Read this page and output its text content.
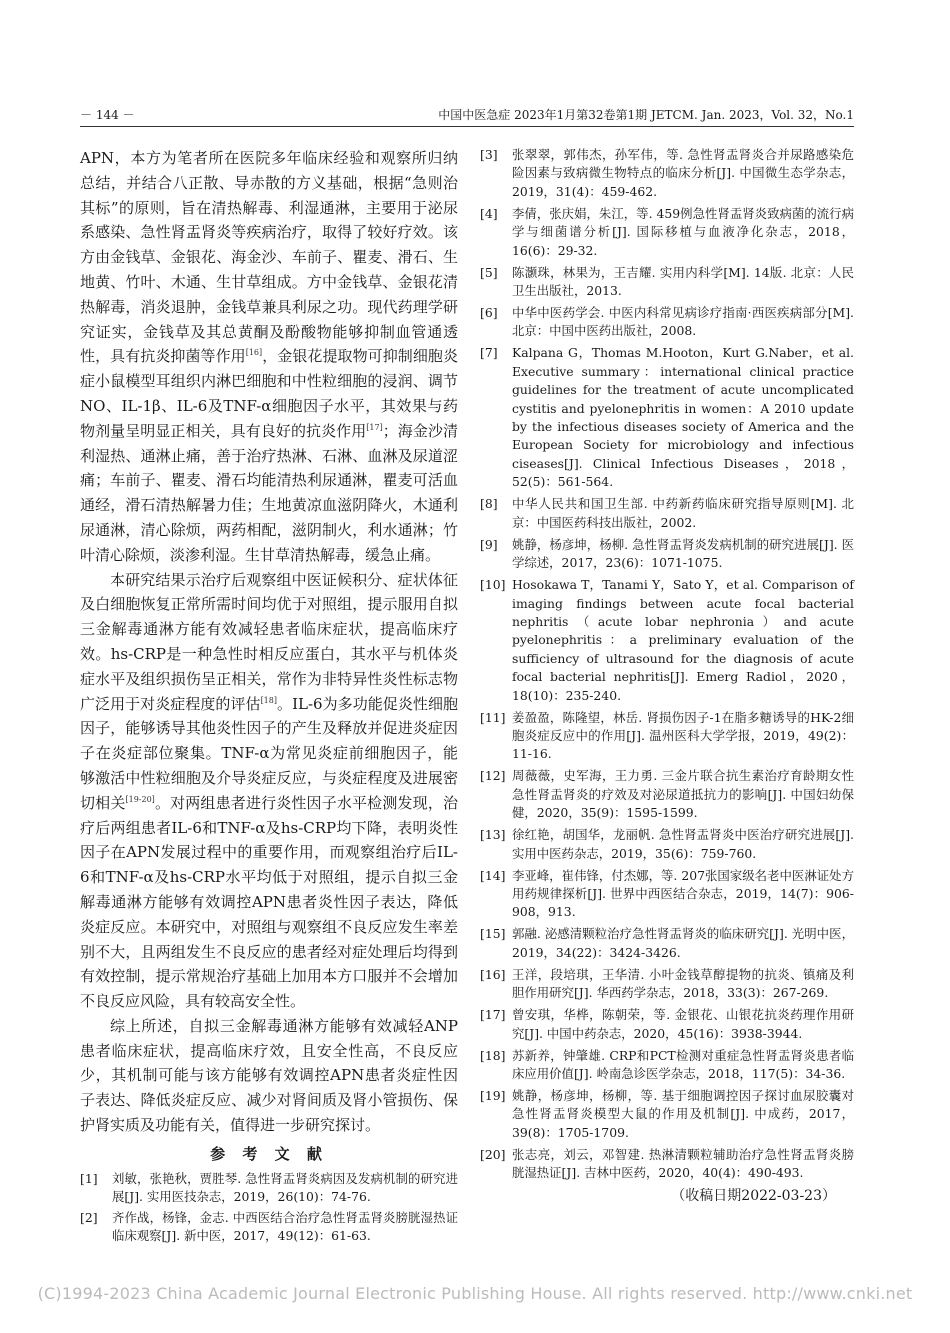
－ 144 －	中国中医急症 2023年1月第32卷第1期 JETCM. Jan. 2023，Vol. 32，No.1

APN，本方为笔者所在医院多年临床经验和观察所归纳总结，并结合八正散、导赤散的方义基础，根据“急则治其标”的原则，旨在清热解毒、利湿通淋，主要用于泌尿系感染、急性肾盂肾炎等疾病治疗，取得了较好疗效。该方由金钱草、金银花、海金沙、车前子、瞿麦、滑石、生地黄、竹叶、木通、生甘草组成。方中金钱草、金银花清热解毒，消炎退肿，金钱草兼具利尿之功。现代药理学研究证实，金钱草及其总黄酮及酚酸物能够抑制血管通透性，具有抗炎抑菌等作用[16]，金银花提取物可抑制细胞炎症小鼠模型耳组织内淋巴细胞和中性粒细胞的浸润、调节NO、IL-1β、IL-6及TNF-α细胞因子水平，其效果与药物剂量呈明显正相关，具有良好的抗炎作用[17]；海金沙清利湿热、通淋止痛，善于治疗热淋、石淋、血淋及尿道涩痛；车前子、瞿麦、滑石均能清热利尿通淋，瞿麦可活血通经，滑石清热解暑力佳；生地黄凉血滋阴降火，木通利尿通淋，清心除烦，两药相配，滋阴制火，利水通淋；竹叶清心除烦，淡渗利湿。生甘草清热解毒，缓急止痛。

本研究结果示治疗后观察组中医证候积分、症状体征及白细胞恢复正常所需时间均优于对照组，提示服用自拟三金解毒通淋方能有效减轻患者临床症状，提高临床疗效。hs-CRP是一种急性时相反应蛋白，其水平与机体炎症水平及组织损伤呈正相关，常作为非特异性炎性标志物广泛用于对炎症程度的评估[18]。IL-6为多功能促炎性细胞因子，能够诱导其他炎性因子的产生及释放并促进炎症因子在炎症部位聚集。TNF-α为常见炎症前细胞因子，能够激活中性粒细胞及介导炎症反应，与炎症程度及进展密切相关[19-20]。对两组患者进行炎性因子水平检测发现，治疗后两组患者IL-6和TNF-α及hs-CRP均下降，表明炎性因子在APN发展过程中的重要作用，而观察组治疗后IL-6和TNF-α及hs-CRP水平均低于对照组，提示自拟三金解毒通淋方能够有效调控APN患者炎性因子表达，降低炎症反应。本研究中，对照组与观察组不良反应发生率差别不大，且两组发生不良反应的患者经对症处理后均得到有效控制，提示常规治疗基础上加用本方口服并不会增加不良反应风险，具有较高安全性。

综上所述，自拟三金解毒通淋方能够有效减轻ANP患者临床症状，提高临床疗效，且安全性高，不良反应少，其机制可能与该方能够有效调控APN患者炎症性因子表达、降低炎症反应、减少对肾间质及肾小管损伤、保护肾实质及功能有关，值得进一步研究探讨。

参 考 文 献
[1]	刘敏，张艳秋，贾胜琴. 急性肾盂肾炎病因及发病机制的研究进展[J]. 实用医技杂志，2019，26(10)：74-76.
[2]	齐作战，杨锋，金志. 中西医结合治疗急性肾盂肾炎膀胱湿热证临床观察[J]. 新中医，2017，49(12)：61-63.
[3]	张翠翠，郭伟杰，孙军伟，等. 急性肾盂肾炎合并尿路感染危险因素与致病微生物特点的临床分析[J]. 中国微生态学杂志，2019，31(4)：459-462.
[4]	李倩，张庆娟，朱江，等. 459例急性肾盂肾炎致病菌的流行病学与细菌谱分析[J]. 国际移植与血液净化杂志，2018，16(6)：29-32.
[5]	陈灏珠，林果为，王吉耀. 实用内科学[M]. 14版. 北京：人民卫生出版社，2013.
[6]	中华中医药学会. 中医内科常见病诊疗指南·西医疾病部分[M]. 北京：中国中医药出版社，2008.
[7]	Kalpana G，Thomas M.Hooton，Kurt G.Naber，et al. Executive summary：international clinical practice guidelines for the treatment of acute uncomplicated cystitis and pyelonephritis in women：A 2010 update by the infectious diseases society of America and the European Society for microbiology and infectious ciseases[J]. Clinical Infectious Diseases，2018，52(5)：561-564.
[8]	中华人民共和国卫生部. 中药新药临床研究指导原则[M]. 北京：中国医药科技出版社，2002.
[9]	姚静，杨彦坤，杨柳. 急性肾盂肾炎发病机制的研究进展[J]. 医学综述，2017，23(6)：1071-1075.
[10] Hosokawa T，Tanami Y，Sato Y，et al. Comparison of imaging findings between acute focal bacterial nephritis（acute lobar nephronia）and acute pyelonephritis：a preliminary evaluation of the sufficiency of ultrasound for the diagnosis of acute focal bacterial nephritis[J]. Emerg Radiol，2020，18(10)：235-240.
[11] 姜盈盈，陈隆望，林岳. 肾损伤因子-1在脂多糖诱导的HK-2细胞炎症反应中的作用[J]. 温州医科大学学报，2019，49(2)：11-16.
[12] 周薇薇，史军海，王力勇. 三金片联合抗生素治疗育龄期女性急性肾盂肾炎的疗效及对泌尿道抵抗力的影响[J]. 中国妇幼保健，2020，35(9)：1595-1599.
[13] 徐红艳，胡国华，龙丽帆. 急性肾盂肾炎中医治疗研究进展[J]. 实用中医药杂志，2019，35(6)：759-760.
[14] 李亚峰，崔伟锋，付杰娜，等. 207张国家级名老中医淋证处方用药规律探析[J]. 世界中西医结合杂志，2019，14(7)：906-908，913.
[15] 郭融. 泌感清颗粒治疗急性肾盂肾炎的临床研究[J]. 光明中医，2019，34(22)：3424-3426.
[16] 王洋，段培琪，王华清. 小叶金钱草醇提物的抗炎、镇痛及利胆作用研究[J]. 华西药学杂志，2018，33(3)：267-269.
[17] 曾安琪，华桦，陈朝荣，等. 金银花、山银花抗炎药理作用研究[J]. 中国中药杂志，2020，45(16)：3938-3944.
[18] 苏新养，钟肇雄. CRP和PCT检测对重症急性肾盂肾炎患者临床应用价值[J]. 岭南急诊医学杂志，2018，117(5)：34-36.
[19] 姚静，杨彦坤，杨柳，等. 基于细胞调控因子探讨血尿胶囊对急性肾盂肾炎模型大鼠的作用及机制[J]. 中成药，2017，39(8)：1705-1709.
[20] 张志亮，刘云，邓智建. 热淋清颗粒辅助治疗急性肾盂肾炎膀胱湿热证[J]. 吉林中医药，2020，40(4)：490-493.
（收稿日期2022-03-23）
(C)1994-2023 China Academic Journal Electronic Publishing House. All rights reserved. http://www.cnki.net
